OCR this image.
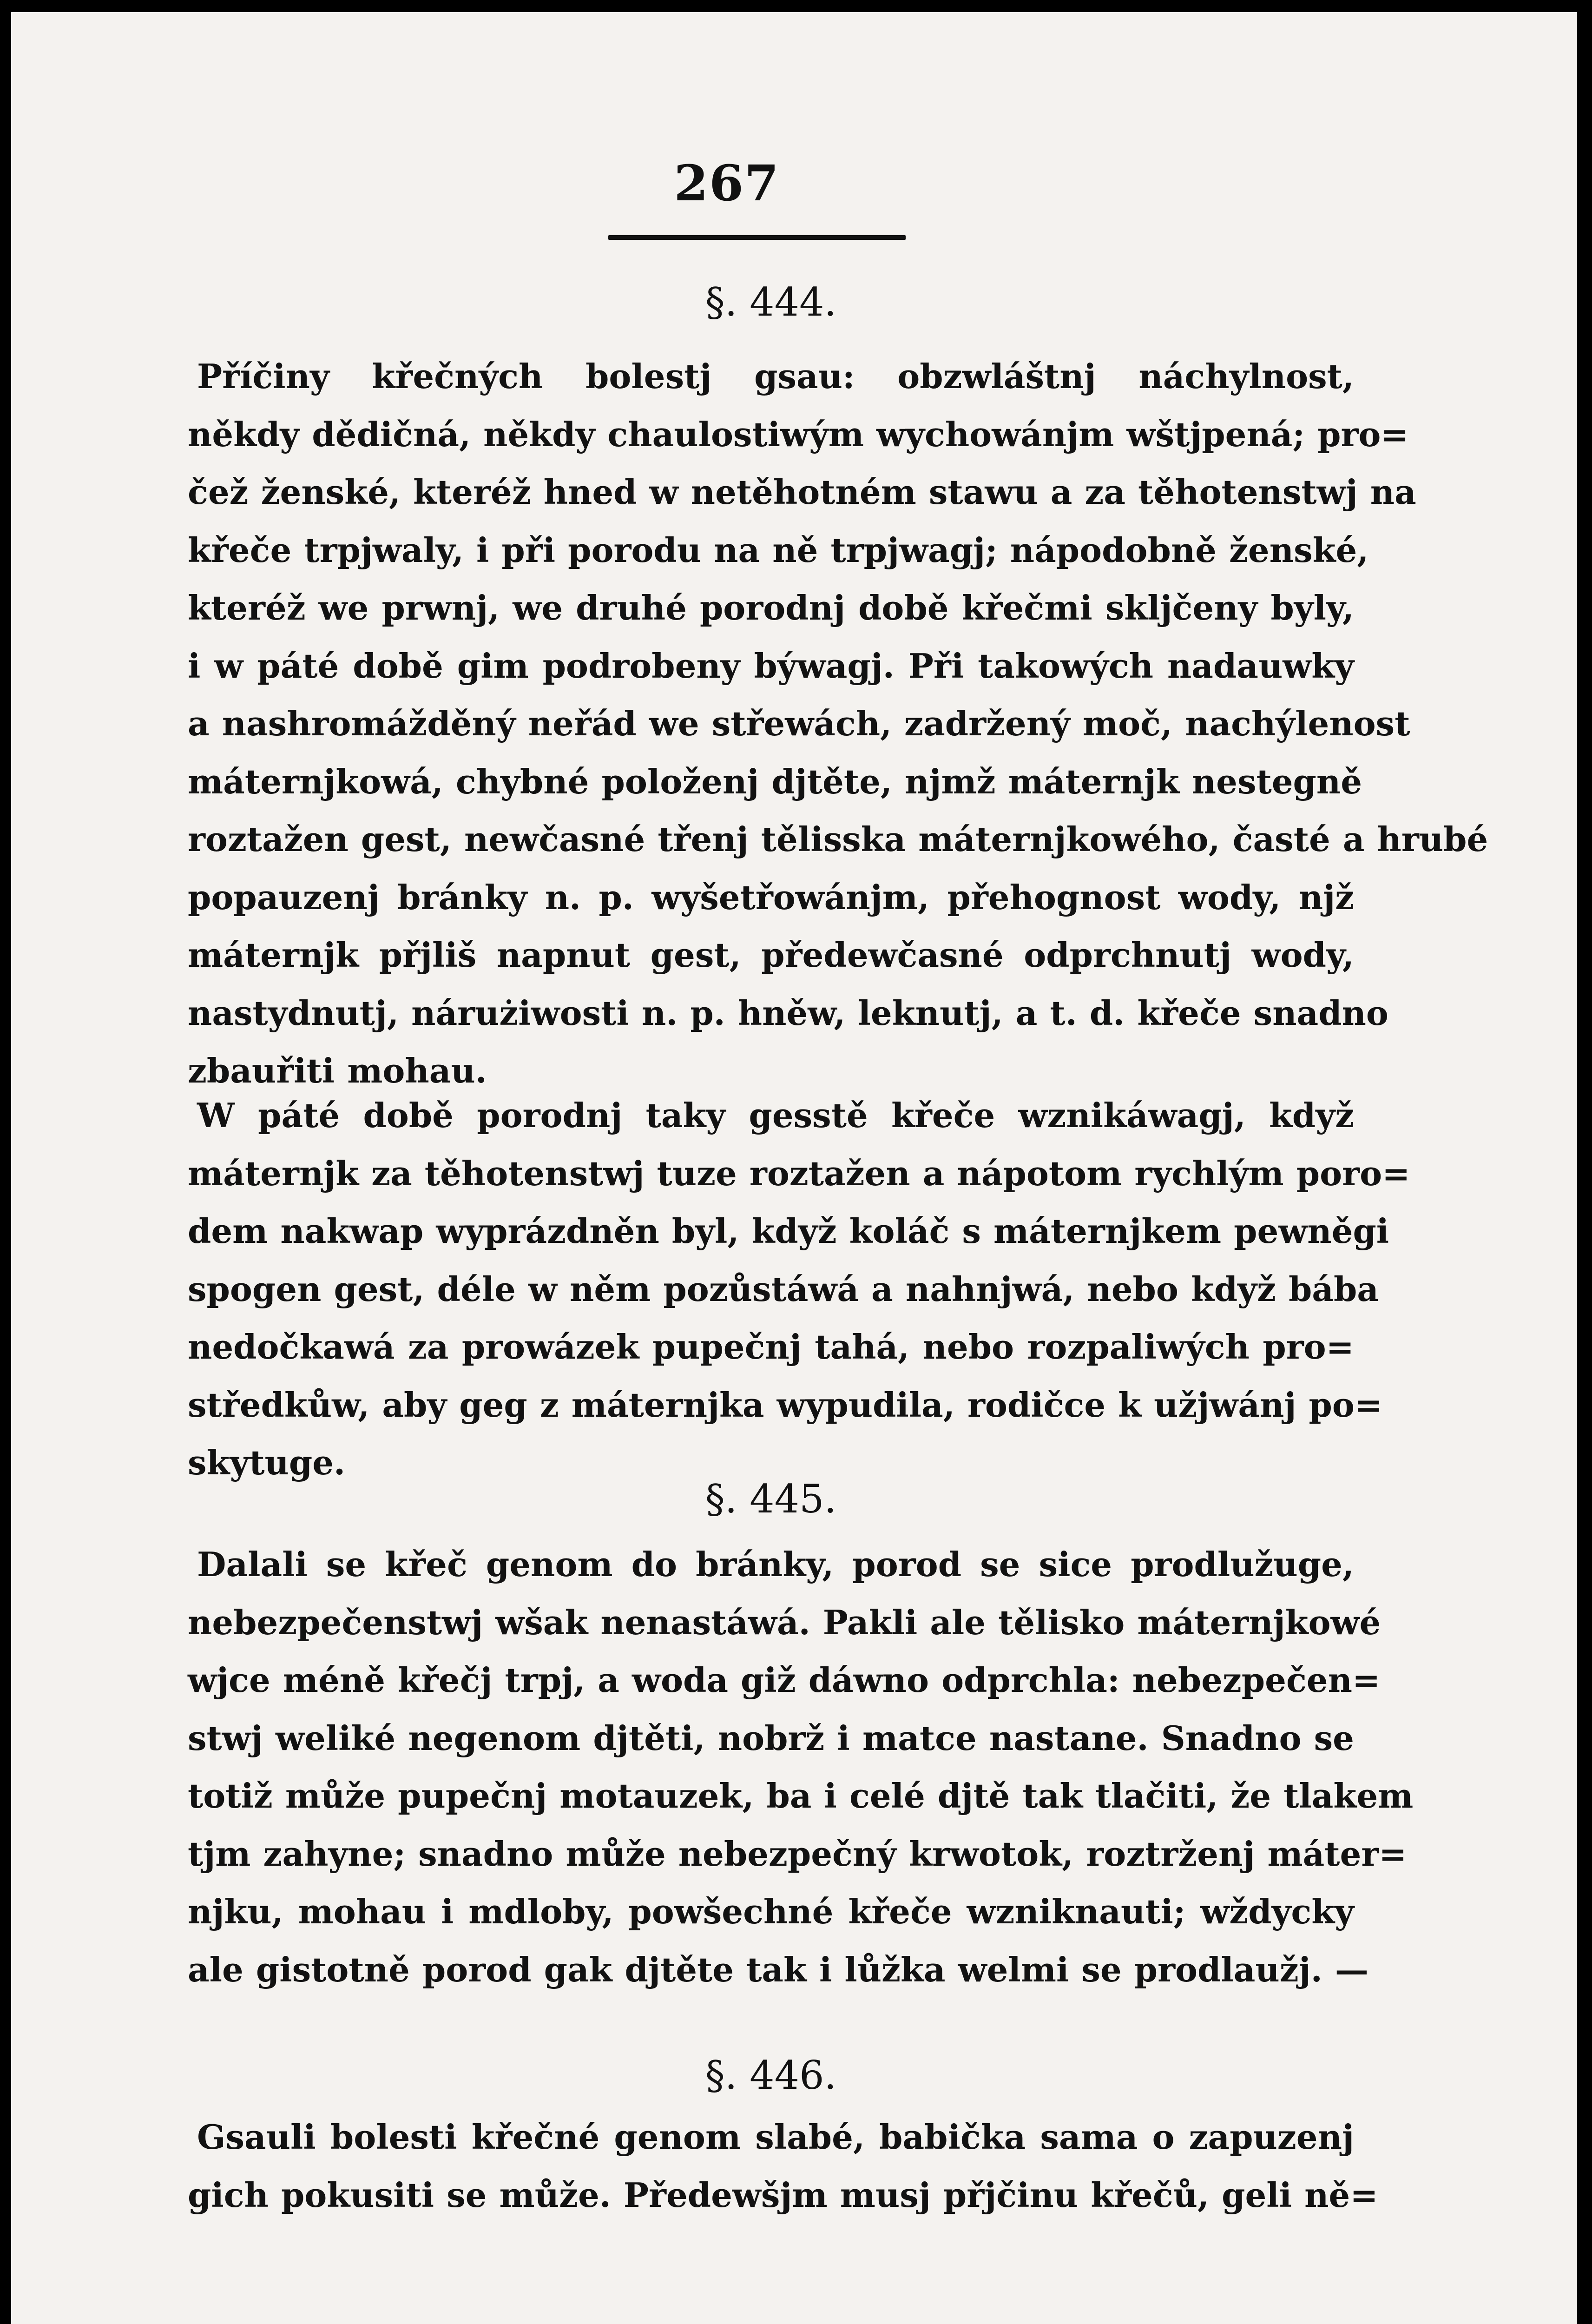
267
§. 444.
Příčiny křečných bolestj gsau: obzwláštnj náchylnost,
někdy dědičná, někdy chaulostiwým wychowánjm wštjpená; pro=
čež ženské, kteréž hned w netěhotném stawu a za těhotenstwj na
křeče trpjwaly, i při porodu na ně trpjwagj; nápodobně ženské,
kteréž we prwnj, we druhé porodnj době křečmi skljčeny byly,
i w páté době gim podrobeny býwagj. Při takowých nadauwky
a nashromážděný neřád we střewách, zadržený moč, nachýlenost
máternjkowá, chybné položenj djtěte, njmž máternjk nestegně
roztažen gest, newčasné třenj tělisska máternjkowého, časté a hrubé
popauzenj bránky n. p. wyšetřowánjm, přehognost wody, njž
máternjk přjliš napnut gest, předewčasné odprchnutj wody,
nastydnutj, nárużiwosti n. p. hněw, leknutj, a t. d. křeče snadno
zbauřiti mohau.
W páté době porodnj taky gesstě křeče wznikáwagj, když
máternjk za těhotenstwj tuze roztažen a nápotom rychlým poro=
dem nakwap wyprázdněn byl, když koláč s máternjkem pewněgi
spogen gest, déle w něm pozůstáwá a nahnjwá, nebo když bába
nedočkawá za prowázek pupečnj tahá, nebo rozpaliwých pro=
středkůw, aby geg z máternjka wypudila, rodičce k užjwánj po=
skytuge.
§. 445.
Dalali se křeč genom do bránky, porod se sice prodlužuge,
nebezpečenstwj wšak nenastáwá. Pakli ale tělisko máternjkowé
wjce méně křečj trpj, a woda giž dáwno odprchla: nebezpečen=
stwj weliké negenom djtěti, nobrž i matce nastane. Snadno se
totiž může pupečnj motauzek, ba i celé djtě tak tlačiti, že tlakem
tjm zahyne; snadno může nebezpečný krwotok, roztrženj máter=
njku, mohau i mdloby, powšechné křeče wzniknauti; wždycky
ale gistotně porod gak djtěte tak i lůžka welmi se prodlaužj. —
§. 446.
Gsauli bolesti křečné genom slabé, babička sama o zapuzenj
gich pokusiti se může. Předewšjm musj přjčinu křečů, geli ně=
